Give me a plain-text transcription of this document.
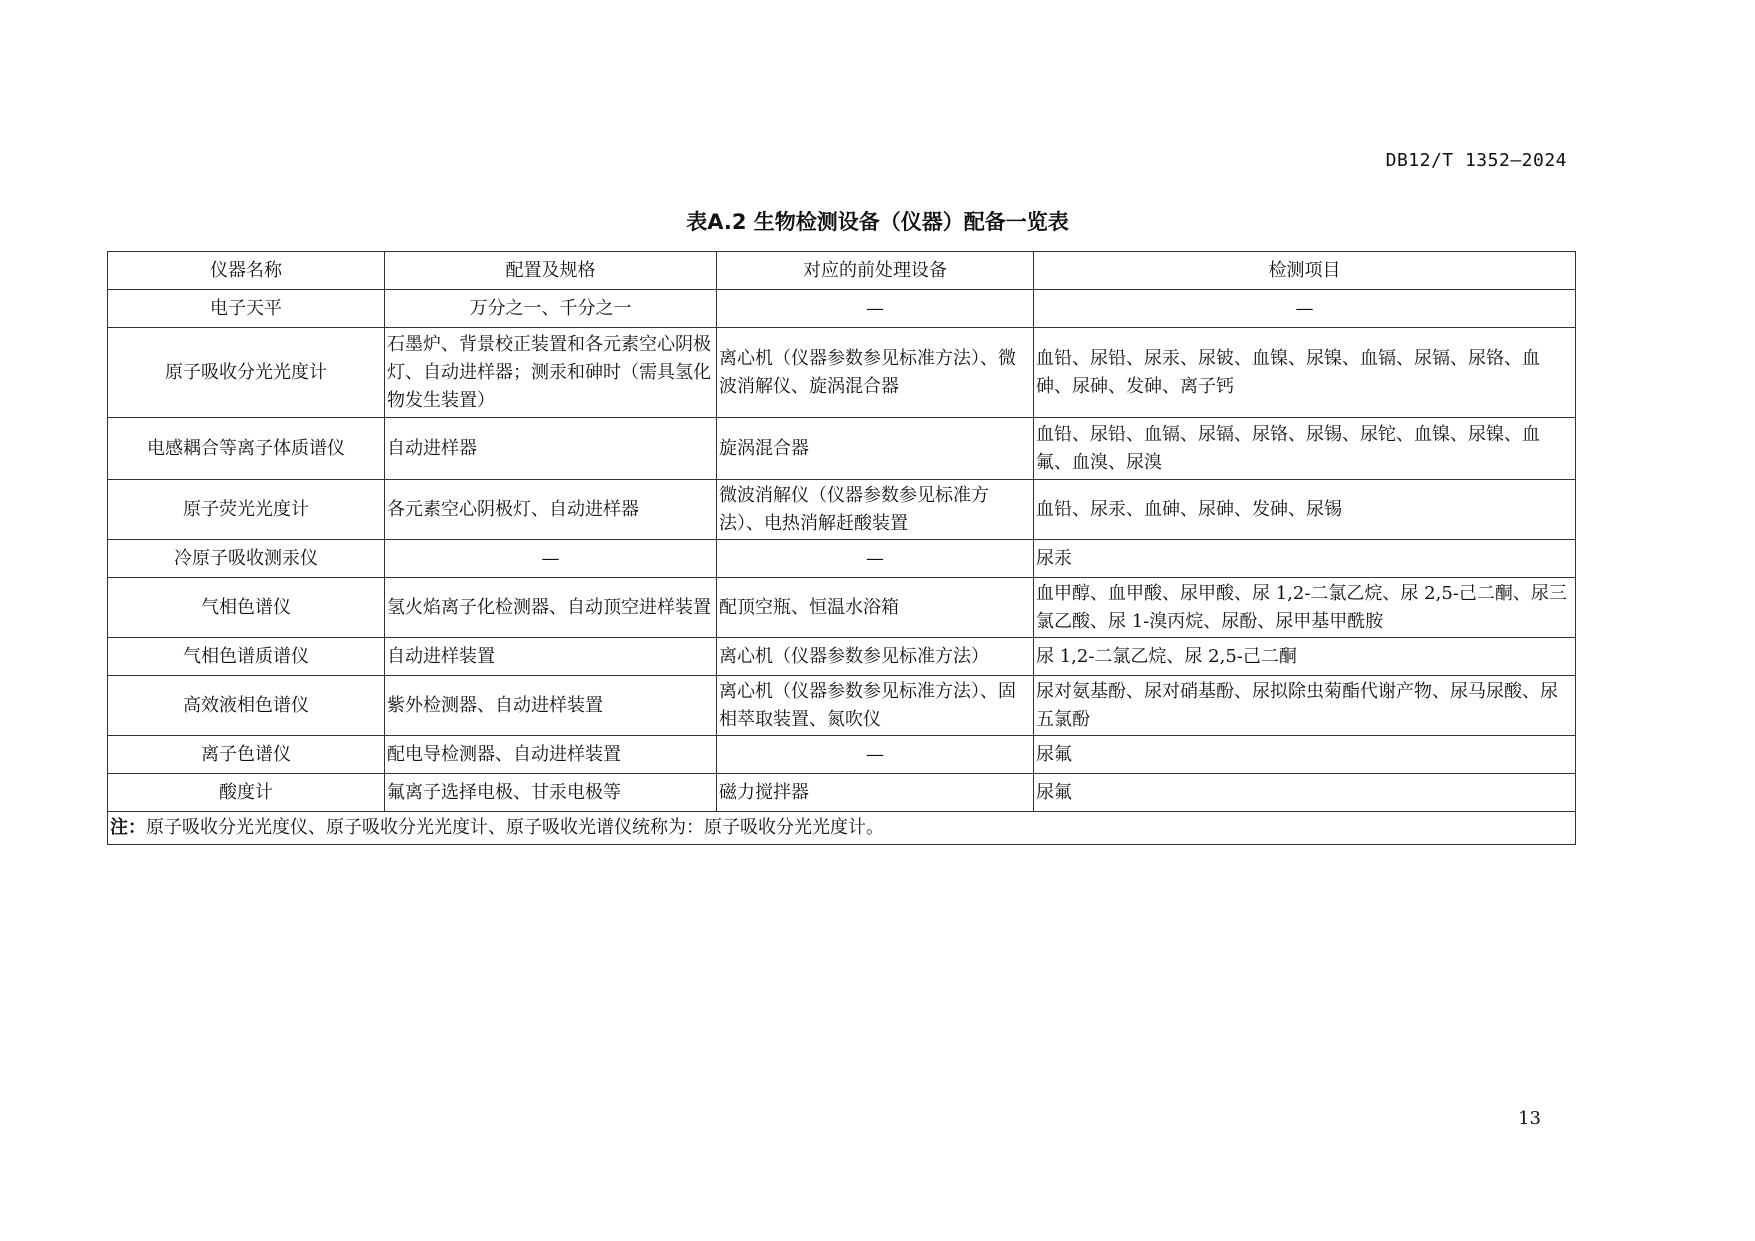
DB12/T 1352—2024
表A.2 生物检测设备（仪器）配备一览表
仪器名称	配置及规格	对应的前处理设备	检测项目
电子天平	万分之一、千分之一	—	—
原子吸收分光光度计	石墨炉、背景校正装置和各元素空心阴极灯、自动进样器；测汞和砷时（需具氢化物发生装置）	离心机（仪器参数参见标准方法）、微波消解仪、旋涡混合器	血铅、尿铅、尿汞、尿铍、血镍、尿镍、血镉、尿镉、尿铬、血砷、尿砷、发砷、离子钙
电感耦合等离子体质谱仪	自动进样器	旋涡混合器	血铅、尿铅、血镉、尿镉、尿铬、尿锡、尿铊、血镍、尿镍、血氟、血溴、尿溴
原子荧光光度计	各元素空心阴极灯、自动进样器	微波消解仪（仪器参数参见标准方法）、电热消解赶酸装置	血铅、尿汞、血砷、尿砷、发砷、尿锡
冷原子吸收测汞仪	—	—	尿汞
气相色谱仪	氢火焰离子化检测器、自动顶空进样装置	配顶空瓶、恒温水浴箱	血甲醇、血甲酸、尿甲酸、尿 1,2-二氯乙烷、尿 2,5-己二酮、尿三氯乙酸、尿 1-溴丙烷、尿酚、尿甲基甲酰胺
气相色谱质谱仪	自动进样装置	离心机（仪器参数参见标准方法）	尿 1,2-二氯乙烷、尿 2,5-己二酮
高效液相色谱仪	紫外检测器、自动进样装置	离心机（仪器参数参见标准方法）、固相萃取装置、氮吹仪	尿对氨基酚、尿对硝基酚、尿拟除虫菊酯代谢产物、尿马尿酸、尿五氯酚
离子色谱仪	配电导检测器、自动进样装置	—	尿氟
酸度计	氟离子选择电极、甘汞电极等	磁力搅拌器	尿氟
注：原子吸收分光光度仪、原子吸收分光光度计、原子吸收光谱仪统称为：原子吸收分光光度计。			
13
